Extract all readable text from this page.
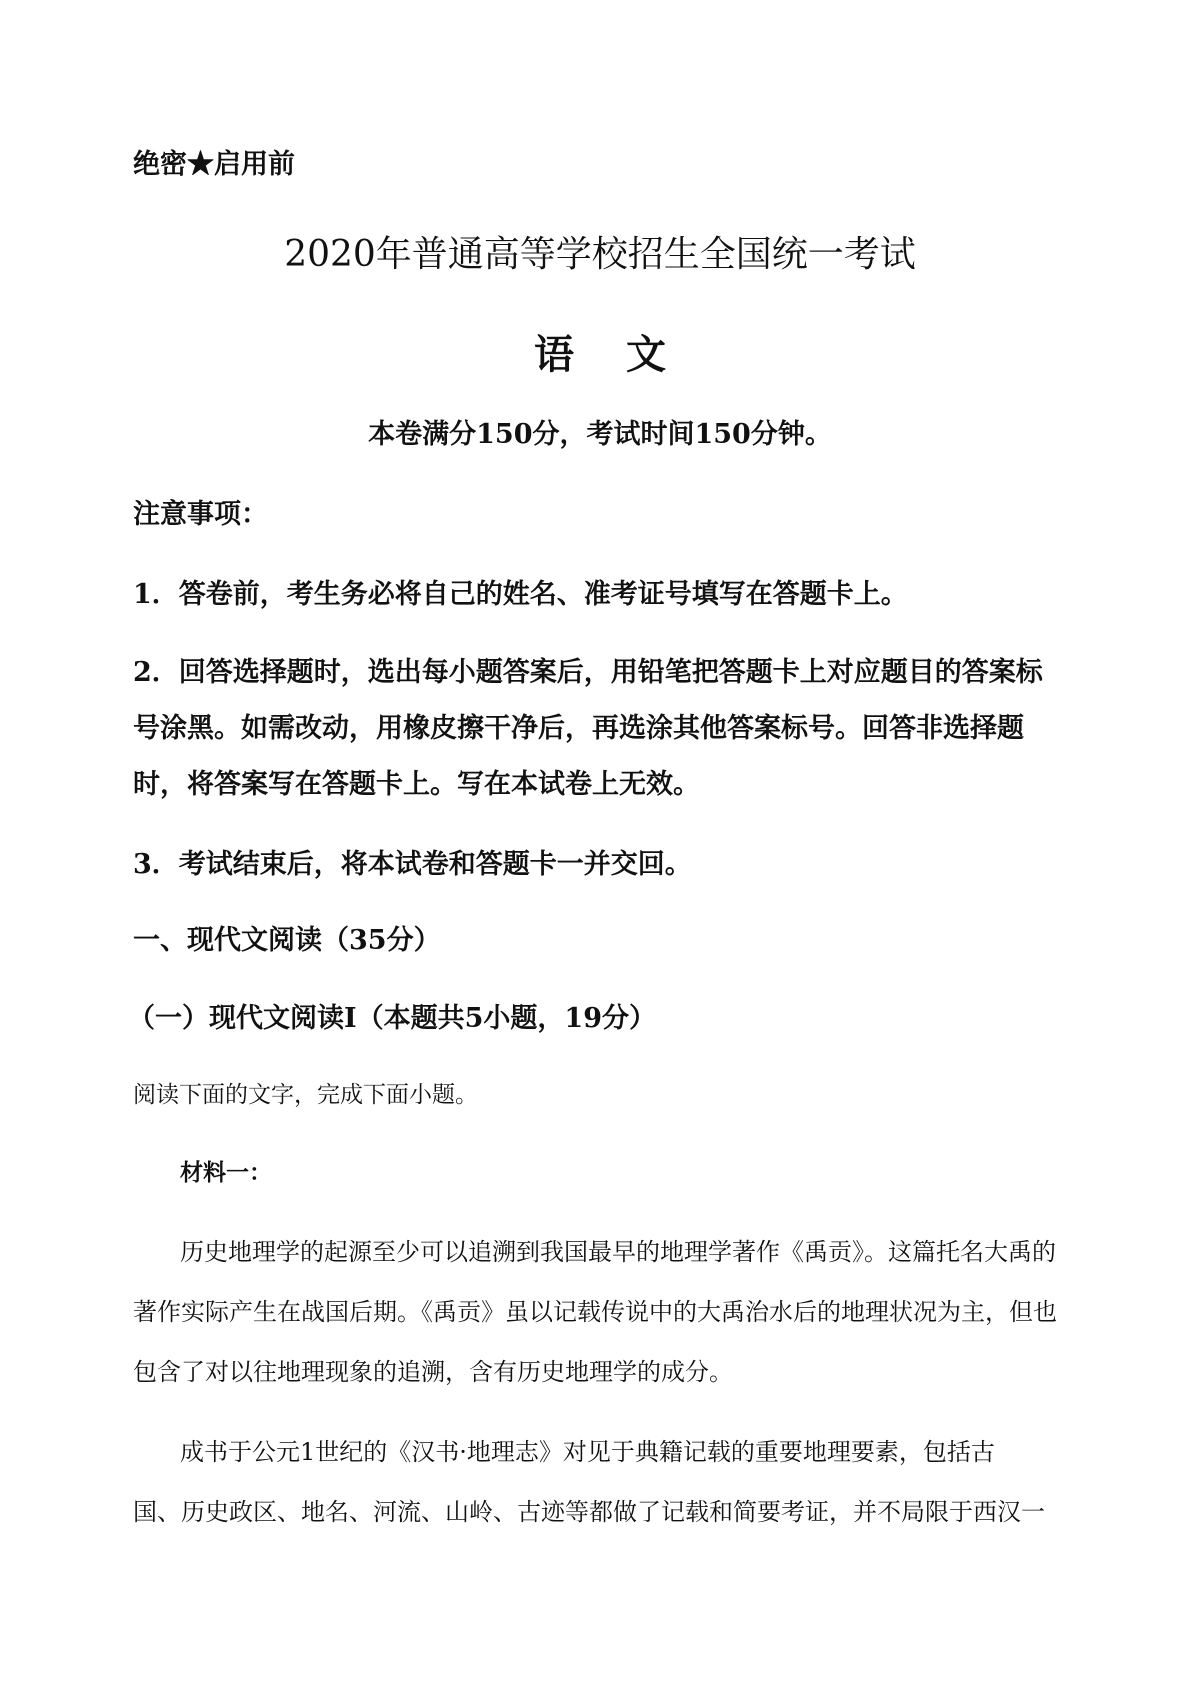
绝密★启用前
2020年普通高等学校招生全国统一考试
语文
本卷满分150分，考试时间150分钟。
注意事项：
1．答卷前，考生务必将自己的姓名、准考证号填写在答题卡上。
2．回答选择题时，选出每小题答案后，用铅笔把答题卡上对应题目的答案标
号涂黑。如需改动，用橡皮擦干净后，再选涂其他答案标号。回答非选择题
时，将答案写在答题卡上。写在本试卷上无效。
3．考试结束后，将本试卷和答题卡一并交回。
一、现代文阅读（35分）
（一）现代文阅读Ⅰ（本题共5小题，19分）
阅读下面的文字，完成下面小题。
材料一：
历史地理学的起源至少可以追溯到我国最早的地理学著作《禹贡》。这篇托名大禹的
著作实际产生在战国后期。《禹贡》虽以记载传说中的大禹治水后的地理状况为主，但也
包含了对以往地理现象的追溯，含有历史地理学的成分。
成书于公元1世纪的《汉书·地理志》对见于典籍记载的重要地理要素，包括古
国、历史政区、地名、河流、山岭、古迹等都做了记载和简要考证，并不局限于西汉一
